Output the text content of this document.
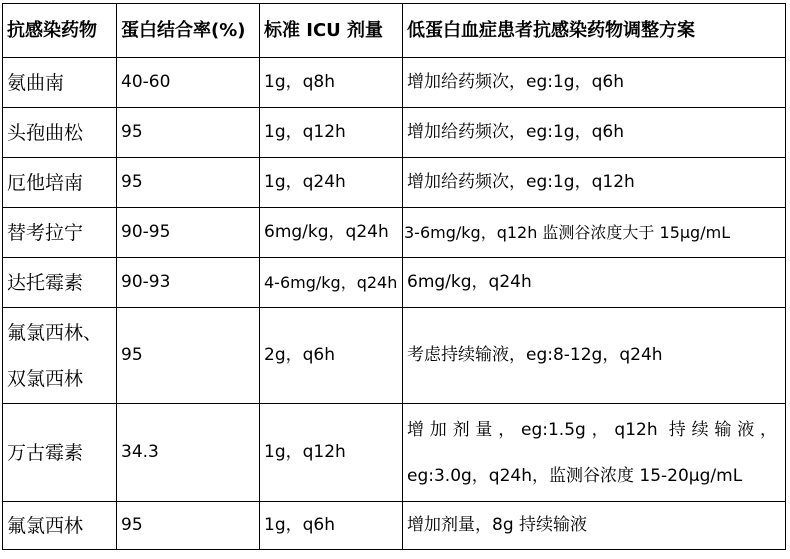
抗感染药物	蛋白结合率(%)	标准 ICU 剂量	低蛋白血症患者抗感染药物调整方案
氨曲南	40-60	1g，q8h	增加给药频次，eg:1g，q6h
头孢曲松	95	1g，q12h	增加给药频次，eg:1g，q6h
厄他培南	95	1g，q24h	增加给药频次，eg:1g，q12h
替考拉宁	90-95	6mg/kg，q24h	3-6mg/kg，q12h 监测谷浓度大于 15μg/mL
达托霉素	90-93	4-6mg/kg，q24h	6mg/kg，q24h

氟氯西林、
双氯西林	95	2g，q6h	考虑持续输液，eg:8-12g，q24h
万古霉素	34.3	1g，q12h	增加剂量，eg:1.5g，q12h 持续输液，
eg:3.0g，q24h，监测谷浓度 15-20μg/mL

氟氯西林	95	1g，q6h	增加剂量，8g 持续输液
